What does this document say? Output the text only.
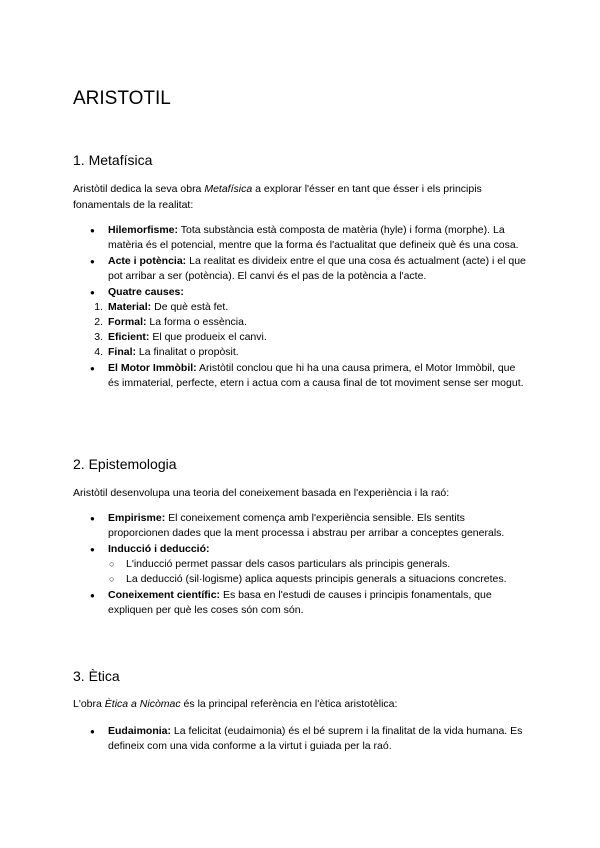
ARISTOTIL
1. Metafísica

Aristòtil dedica la seva obra Metafísica a explorar l'ésser en tant que ésser i els principis fonamentals de la realitat:

● Hilemorfisme: Tota substància està composta de matèria (hyle) i forma (morphe). La matèria és el potencial, mentre que la forma és l'actualitat que defineix què és una cosa.
● Acte i potència: La realitat es divideix entre el que una cosa és actualment (acte) i el que pot arribar a ser (potència). El canvi és el pas de la potència a l'acte.
● Quatre causes:
1. Material: De què està fet.
2. Formal: La forma o essència.
3. Eficient: El que produeix el canvi.
4. Final: La finalitat o propòsit.
● El Motor Immòbil: Aristòtil conclou que hi ha una causa primera, el Motor Immòbil, que és immaterial, perfecte, etern i actua com a causa final de tot moviment sense ser mogut.
2. Epistemologia

Aristòtil desenvolupa una teoria del coneixement basada en l'experiència i la raó:

● Empirisme: El coneixement comença amb l'experiència sensible. Els sentits proporcionen dades que la ment processa i abstrau per arribar a conceptes generals.
● Inducció i deducció:
○ L'inducció permet passar dels casos particulars als principis generals.
○ La deducció (sil·logisme) aplica aquests principis generals a situacions concretes.
● Coneixement científic: Es basa en l'estudi de causes i principis fonamentals, que expliquen per què les coses són com són.
3. Ètica

L'obra Ètica a Nicòmac és la principal referència en l'ètica aristotèlica:

● Eudaimonia: La felicitat (eudaimonia) és el bé suprem i la finalitat de la vida humana. Es defineix com una vida conforme a la virtut i guiada per la raó.
